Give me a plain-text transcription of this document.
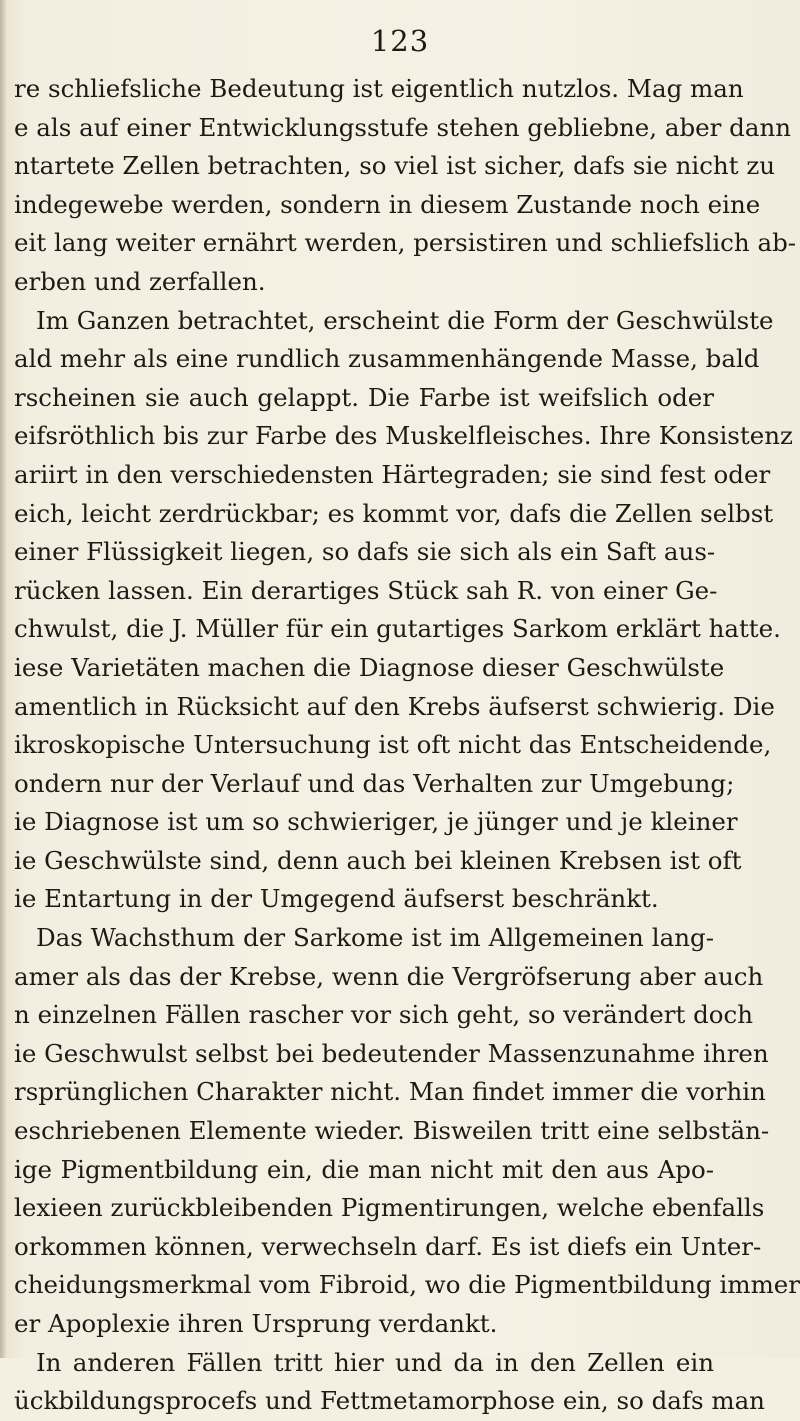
123
re schliefsliche Bedeutung ist eigentlich nutzlos. Mag man
e als auf einer Entwicklungsstufe stehen gebliebne, aber dann
ntartete Zellen betrachten, so viel ist sicher, dafs sie nicht zu
indegewebe werden, sondern in diesem Zustande noch eine
eit lang weiter ernährt werden, persistiren und schliefslich ab-
erben und zerfallen.
Im Ganzen betrachtet, erscheint die Form der Geschwülste
ald mehr als eine rundlich zusammenhängende Masse, bald
rscheinen sie auch gelappt. Die Farbe ist weifslich oder
eifsröthlich bis zur Farbe des Muskelfleisches. Ihre Konsistenz
ariirt in den verschiedensten Härtegraden; sie sind fest oder
eich, leicht zerdrückbar; es kommt vor, dafs die Zellen selbst
einer Flüssigkeit liegen, so dafs sie sich als ein Saft aus-
rücken lassen. Ein derartiges Stück sah R. von einer Ge-
chwulst, die J. Müller für ein gutartiges Sarkom erklärt hatte.
iese Varietäten machen die Diagnose dieser Geschwülste
amentlich in Rücksicht auf den Krebs äufserst schwierig. Die
ikroskopische Untersuchung ist oft nicht das Entscheidende,
ondern nur der Verlauf und das Verhalten zur Umgebung;
ie Diagnose ist um so schwieriger, je jünger und je kleiner
ie Geschwülste sind, denn auch bei kleinen Krebsen ist oft
ie Entartung in der Umgegend äufserst beschränkt.
Das Wachsthum der Sarkome ist im Allgemeinen lang-
amer als das der Krebse, wenn die Vergröfserung aber auch
n einzelnen Fällen rascher vor sich geht, so verändert doch
ie Geschwulst selbst bei bedeutender Massenzunahme ihren
rsprünglichen Charakter nicht. Man findet immer die vorhin
eschriebenen Elemente wieder. Bisweilen tritt eine selbstän-
ige Pigmentbildung ein, die man nicht mit den aus Apo-
lexieen zurückbleibenden Pigmentirungen, welche ebenfalls
orkommen können, verwechseln darf. Es ist diefs ein Unter-
cheidungsmerkmal vom Fibroid, wo die Pigmentbildung immer
er Apoplexie ihren Ursprung verdankt.
In anderen Fällen tritt hier und da in den Zellen ein
ückbildungsprocefs und Fettmetamorphose ein, so dafs man
